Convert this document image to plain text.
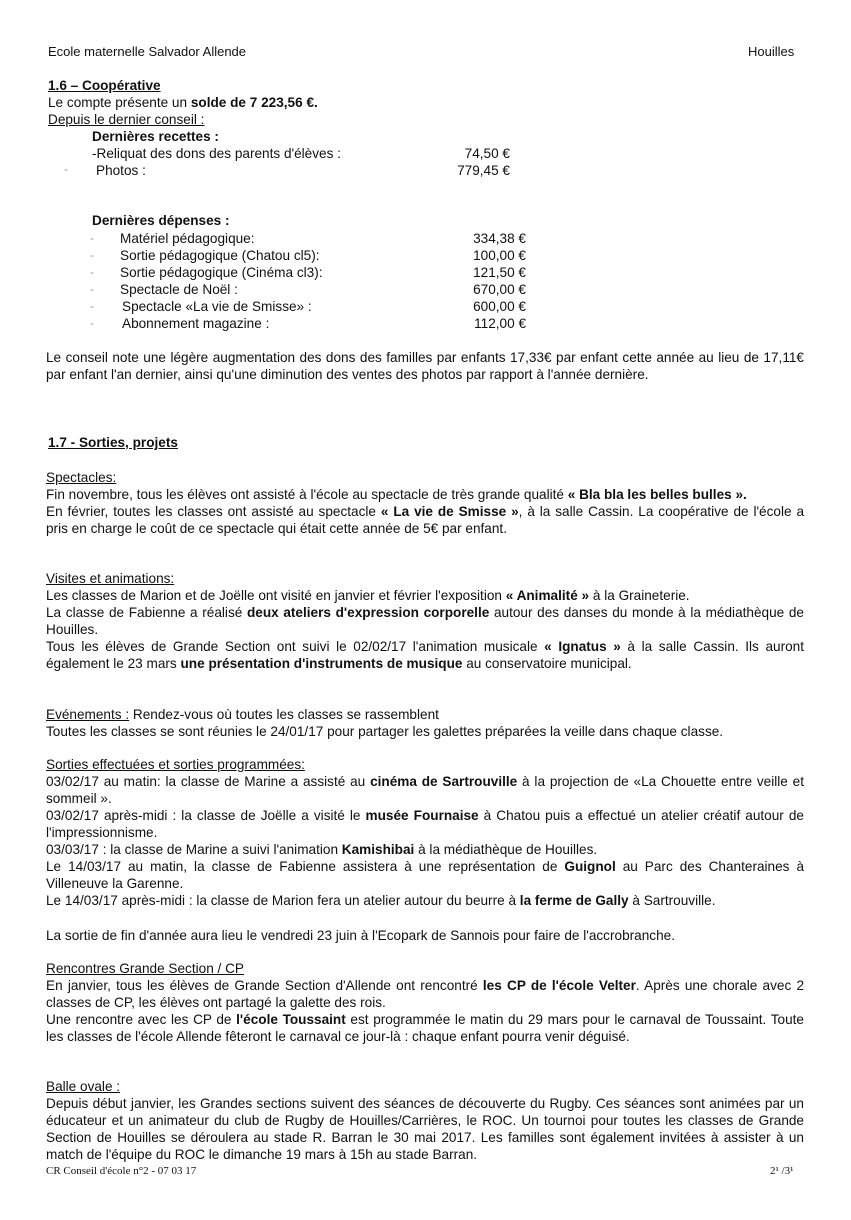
Ecole maternelle Salvador Allende	Houilles
1.6 – Coopérative
Le compte présente un solde de 7 223,56 €.
Depuis le dernier conseil :
Dernières recettes :
-Reliquat des dons des parents d'élèves :	74,50 €
- Photos :	779,45 €
Dernières dépenses :
- Matériel pédagogique:	334,38 €
- Sortie pédagogique (Chatou cl5):	100,00 €
- Sortie pédagogique (Cinéma cl3):	121,50 €
- Spectacle de Noël :	670,00 €
- Spectacle «La vie de Smisse» :	600,00 €
- Abonnement magazine :	112,00 €
Le conseil note une légère augmentation des dons des familles par enfants 17,33€ par enfant cette année au lieu de 17,11€ par enfant l'an dernier, ainsi qu'une diminution des ventes des photos par rapport à l'année dernière.
1.7 - Sorties, projets
Spectacles:

Fin novembre, tous les élèves ont assisté à l'école au spectacle de très grande qualité « Bla bla les belles bulles ».

En février, toutes les classes ont assisté au spectacle « La vie de Smisse », à la salle Cassin. La coopérative de l'école a pris en charge le coût de ce spectacle qui était cette année de 5€ par enfant.

Visites et animations:

Les classes de Marion et de Joëlle ont visité en janvier et février l'exposition « Animalité » à la Graineterie.

La classe de Fabienne a réalisé deux ateliers d'expression corporelle autour des danses du monde à la médiathèque de Houilles.

Tous les élèves de Grande Section ont suivi le 02/02/17 l'animation musicale « Ignatus » à la salle Cassin. Ils auront également le 23 mars une présentation d'instruments de musique au conservatoire municipal.

Evénements : Rendez-vous où toutes les classes se rassemblent

Toutes les classes se sont réunies le 24/01/17 pour partager les galettes préparées la veille dans chaque classe.

Sorties effectuées et sorties programmées:

03/02/17 au matin: la classe de Marine a assisté au cinéma de Sartrouville à la projection de «La Chouette entre veille et sommeil ».

03/02/17 après-midi : la classe de Joëlle a visité le musée Fournaise à Chatou puis a effectué un atelier créatif autour de l'impressionnisme.

03/03/17 : la classe de Marine a suivi l'animation Kamishibai à la médiathèque de Houilles.

Le 14/03/17 au matin, la classe de Fabienne assistera à une représentation de Guignol au Parc des Chanteraines à Villeneuve la Garenne.

Le 14/03/17 après-midi : la classe de Marion fera un atelier autour du beurre à la ferme de Gally à Sartrouville.

La sortie de fin d'année aura lieu le vendredi 23 juin à l'Ecopark de Sannois pour faire de l'accrobranche.
Rencontres Grande Section / CP

En janvier, tous les élèves de Grande Section d'Allende ont rencontré les CP de l'école Velter. Après une chorale avec 2 classes de CP, les élèves ont partagé la galette des rois.

Une rencontre avec les CP de l'école Toussaint est programmée le matin du 29 mars pour le carnaval de Toussaint. Toute les classes de l'école Allende fêteront le carnaval ce jour-là : chaque enfant pourra venir déguisé.

Balle ovale :
Depuis début janvier, les Grandes sections suivent des séances de découverte du Rugby. Ces séances sont animées par un éducateur et un animateur du club de Rugby de Houilles/Carrières, le ROC. Un tournoi pour toutes les classes de Grande Section de Houilles se déroulera au stade R. Barran le 30 mai 2017. Les familles sont également invitées à assister à un match de l'équipe du ROC le dimanche 19 mars à 15h au stade Barran.
CR Conseil d'école n°2 - 07 03 17	2¹ /3¹
